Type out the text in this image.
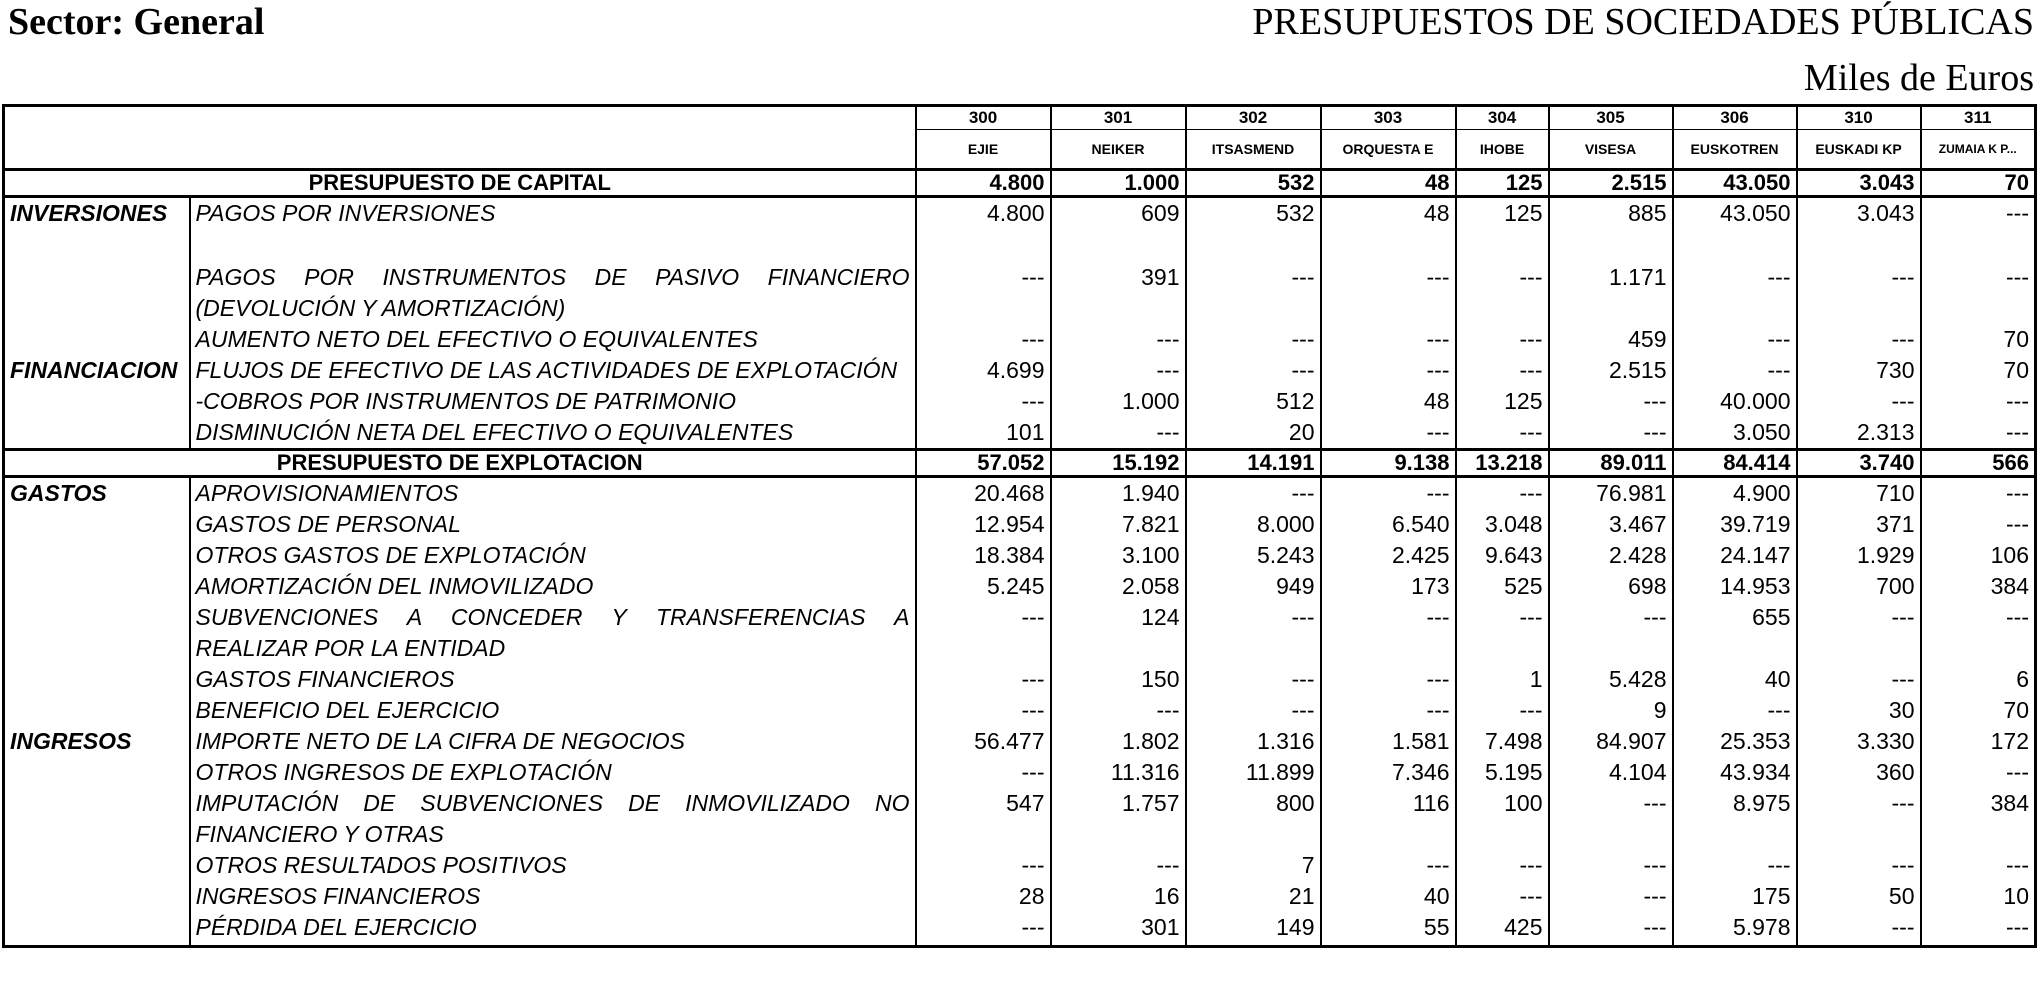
Sector: General	PRESUPUESTOS DE SOCIEDADES PÚBLICAS
Miles de Euros
		300	301	302	303	304	305	306	310	311
		EJIE	NEIKER	ITSASMEND	ORQUESTA E	IHOBE	VISESA	EUSKOTREN	EUSKADI KP	ZUMAIA K P...
PRESUPUESTO DE CAPITAL		4.800	1.000	532	48	125	2.515	43.050	3.043	70
INVERSIONES	PAGOS POR INVERSIONES	4.800	609	532	48	125	885	43.050	3.043	---

	PAGOS POR INSTRUMENTOS DE PASIVO FINANCIERO (DEVOLUCIÓN Y AMORTIZACIÓN)	---	391	---	---	---	1.171	---	---	---
	AUMENTO NETO DEL EFECTIVO O EQUIVALENTES	---	---	---	---	---	459	---	---	70
FINANCIACION	FLUJOS DE EFECTIVO DE LAS ACTIVIDADES DE EXPLOTACIÓN	4.699	---	---	---	---	2.515	---	730	70
	-COBROS POR INSTRUMENTOS DE PATRIMONIO	---	1.000	512	48	125	---	40.000	---	---
	DISMINUCIÓN NETA DEL EFECTIVO O EQUIVALENTES	101	---	20	---	---	---	3.050	2.313	---
PRESUPUESTO DE EXPLOTACION		57.052	15.192	14.191	9.138	13.218	89.011	84.414	3.740	566
GASTOS	APROVISIONAMIENTOS	20.468	1.940	---	---	---	76.981	4.900	710	---
	GASTOS DE PERSONAL	12.954	7.821	8.000	6.540	3.048	3.467	39.719	371	---
	OTROS GASTOS DE EXPLOTACIÓN	18.384	3.100	5.243	2.425	9.643	2.428	24.147	1.929	106
	AMORTIZACIÓN DEL INMOVILIZADO	5.245	2.058	949	173	525	698	14.953	700	384
	SUBVENCIONES A CONCEDER Y TRANSFERENCIAS A REALIZAR POR LA ENTIDAD	---	124	---	---	---	---	655	---	---
	GASTOS FINANCIEROS	---	150	---	---	1	5.428	40	---	6
	BENEFICIO DEL EJERCICIO	---	---	---	---	---	9	---	30	70
INGRESOS	IMPORTE NETO DE LA CIFRA DE NEGOCIOS	56.477	1.802	1.316	1.581	7.498	84.907	25.353	3.330	172
	OTROS INGRESOS DE EXPLOTACIÓN	---	11.316	11.899	7.346	5.195	4.104	43.934	360	---
	IMPUTACIÓN DE SUBVENCIONES DE INMOVILIZADO NO FINANCIERO Y OTRAS	547	1.757	800	116	100	---	8.975	---	384
	OTROS RESULTADOS POSITIVOS	---	---	7	---	---	---	---	---	---
	INGRESOS FINANCIEROS	28	16	21	40	---	---	175	50	10
	PÉRDIDA DEL EJERCICIO	---	301	149	55	425	---	5.978	---	---
